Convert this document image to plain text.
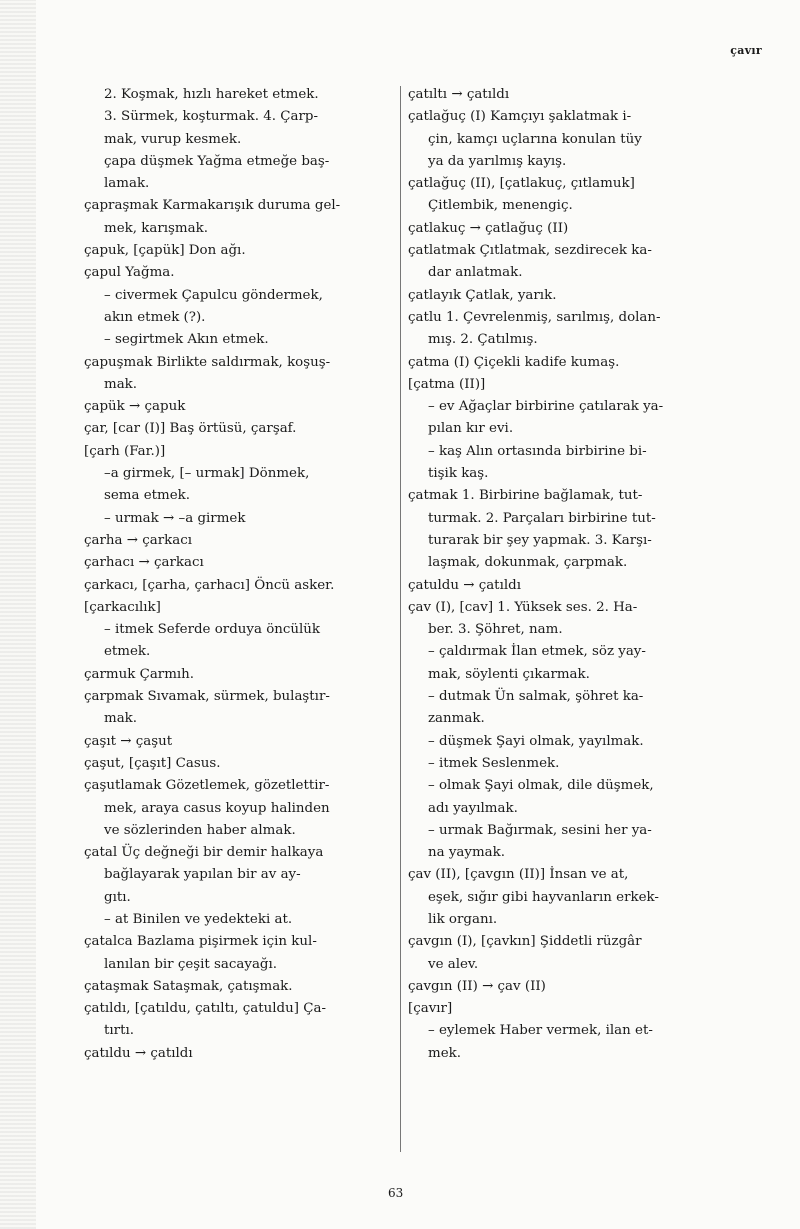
çavır
2. Koşmak, hızlı hareket etmek.
3. Sürmek, koşturmak. 4. Çarp-
mak, vurup kesmek.
çapa düşmek Yağma etmeğe baş-
lamak.
çapraşmak Karmakarışık duruma gel-
mek, karışmak.
çapuk, [çapük] Don ağı.
çapul Yağma.
– civermek Çapulcu göndermek,
akın etmek (?).
– segirtmek Akın etmek.
çapuşmak Birlikte saldırmak, koşuş-
mak.
çapük → çapuk
çar, [car (I)] Baş örtüsü, çarşaf.
[çarh (Far.)]
–a girmek, [– urmak] Dönmek,
sema etmek.
– urmak → –a girmek
çarha → çarkacı
çarhacı → çarkacı
çarkacı, [çarha, çarhacı] Öncü asker.
[çarkacılık]
– itmek Seferde orduya öncülük
etmek.
çarmuk Çarmıh.
çarpmak Sıvamak, sürmek, bulaştır-
mak.
çaşıt → çaşut
çaşut, [çaşıt] Casus.
çaşutlamak Gözetlemek, gözetlettir-
mek, araya casus koyup halinden
ve sözlerinden haber almak.
çatal Üç değneği bir demir halkaya
bağlayarak yapılan bir av ay-
gıtı.
– at Binilen ve yedekteki at.
çatalca Bazlama pişirmek için kul-
lanılan bir çeşit sacayağı.
çataşmak Sataşmak, çatışmak.
çatıldı, [çatıldu, çatıltı, çatuldu] Ça-
tırtı.
çatıldu → çatıldı
çatıltı → çatıldı
çatlağuç (I) Kamçıyı şaklatmak i-
çin, kamçı uçlarına konulan tüy
ya da yarılmış kayış.
çatlağuç (II), [çatlakuç, çıtlamuk]
Çitlembik, menengiç.
çatlakuç → çatlağuç (II)
çatlatmak Çıtlatmak, sezdirecek ka-
dar anlatmak.
çatlayık Çatlak, yarık.
çatlu 1. Çevrelenmiş, sarılmış, dolan-
mış. 2. Çatılmış.
çatma (I) Çiçekli kadife kumaş.
[çatma (II)]
– ev Ağaçlar birbirine çatılarak ya-
pılan kır evi.
– kaş Alın ortasında birbirine bi-
tişik kaş.
çatmak 1. Birbirine bağlamak, tut-
turmak. 2. Parçaları birbirine tut-
turarak bir şey yapmak. 3. Karşı-
laşmak, dokunmak, çarpmak.
çatuldu → çatıldı
çav (I), [cav] 1. Yüksek ses. 2. Ha-
ber. 3. Şöhret, nam.
– çaldırmak İlan etmek, söz yay-
mak, söylenti çıkarmak.
– dutmak Ün salmak, şöhret ka-
zanmak.
– düşmek Şayi olmak, yayılmak.
– itmek Seslenmek.
– olmak Şayi olmak, dile düşmek,
adı yayılmak.
– urmak Bağırmak, sesini her ya-
na yaymak.
çav (II), [çavgın (II)] İnsan ve at,
eşek, sığır gibi hayvanların erkek-
lik organı.
çavgın (I), [çavkın] Şiddetli rüzgâr
ve alev.
çavgın (II) → çav (II)
[çavır]
– eylemek Haber vermek, ilan et-
mek.
63
